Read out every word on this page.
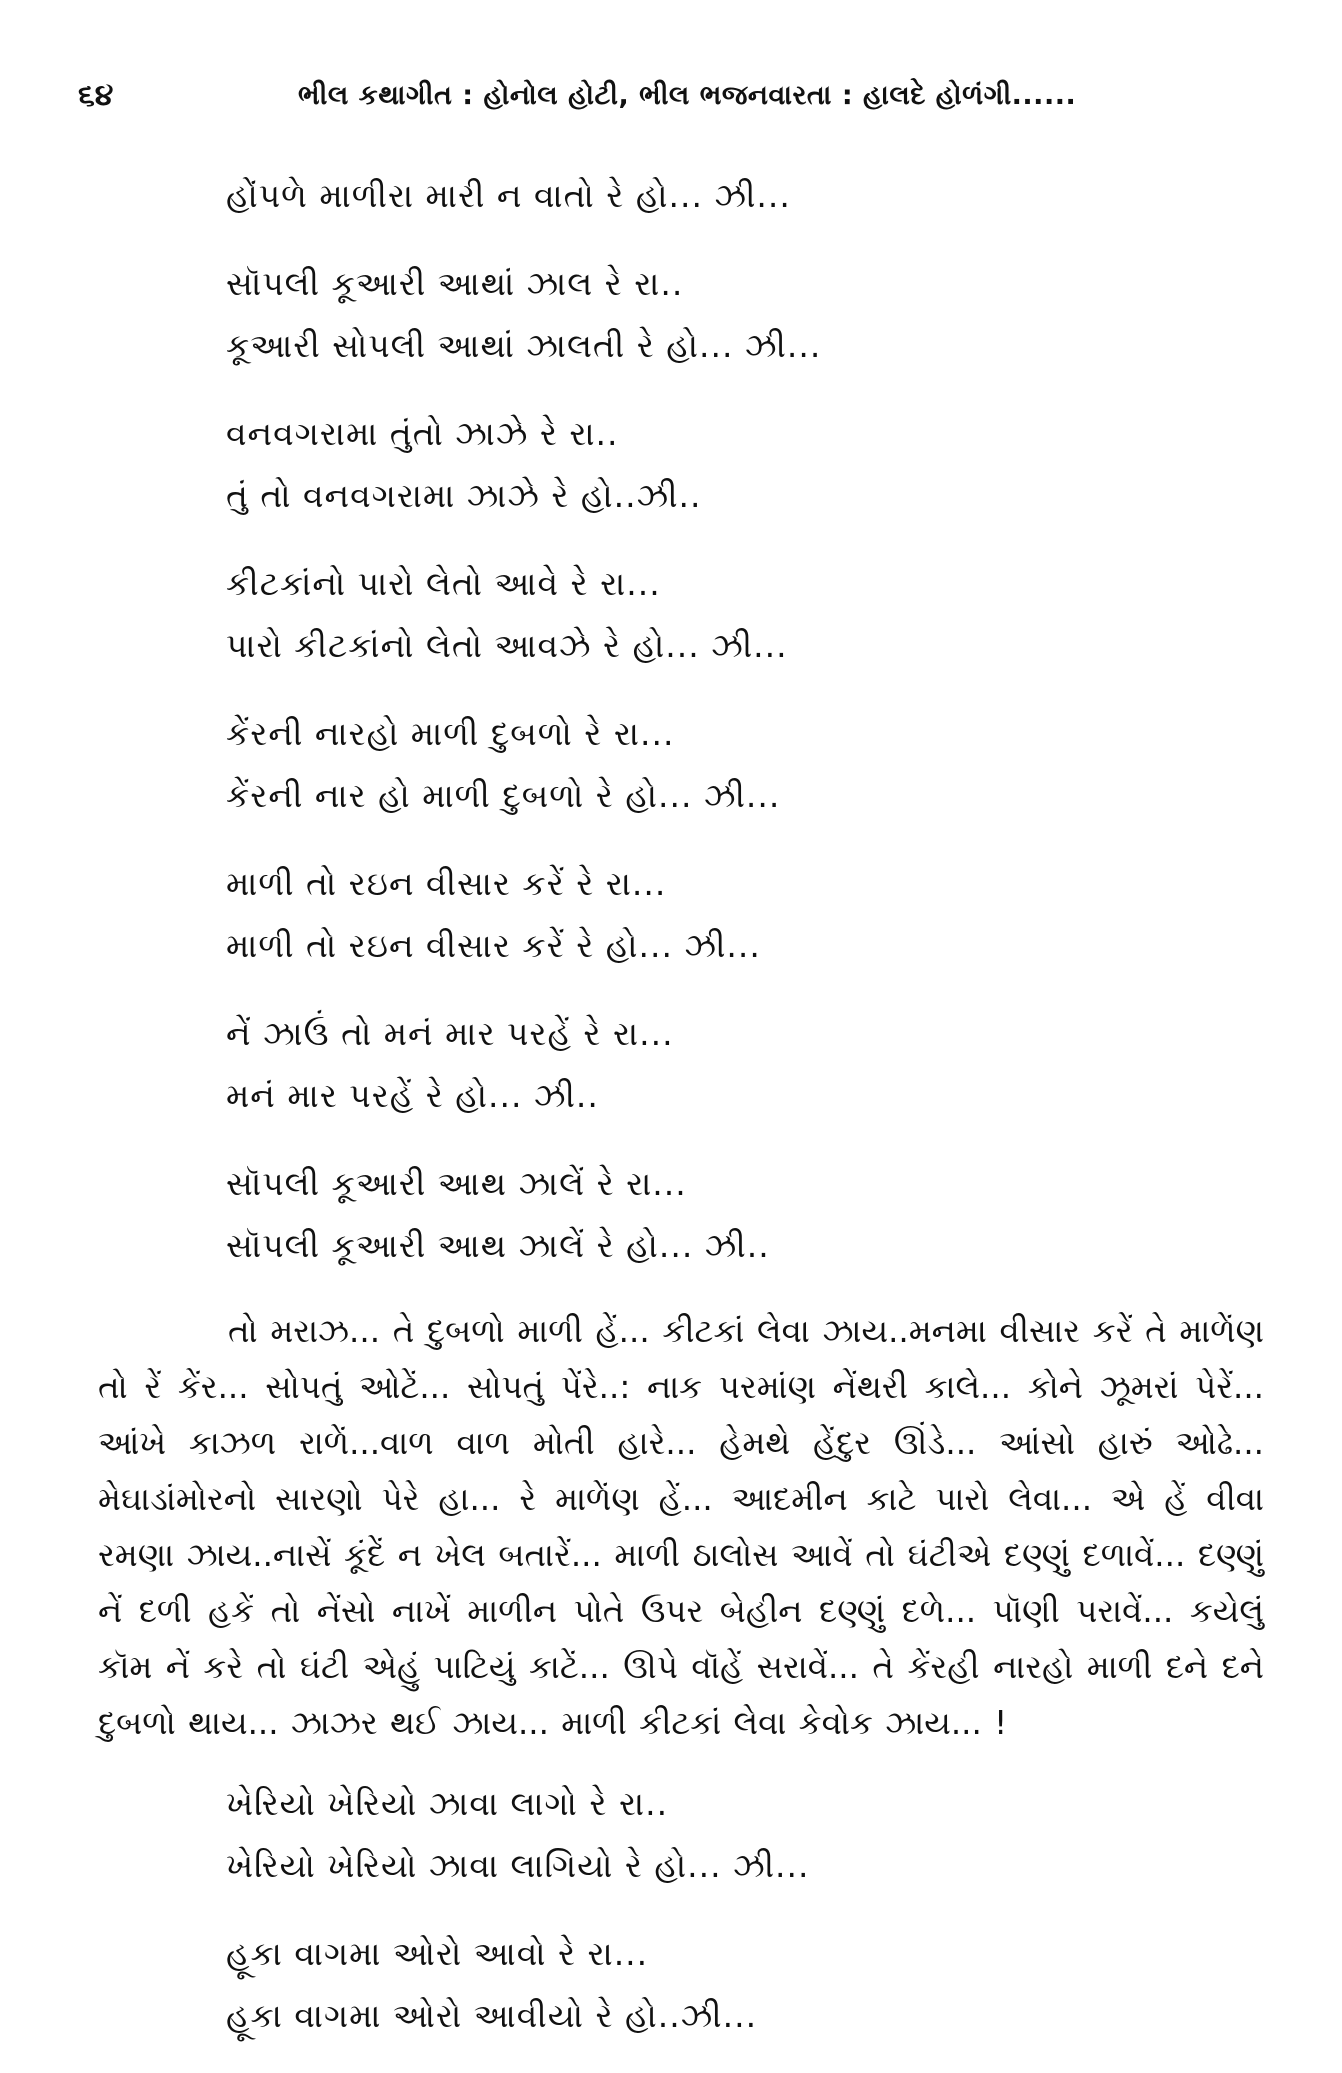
૬૪	ભીલ કથાગીત : હોનોલ હોટી, ભીલ ભજનવારતા : હાલદે હોળંગી......
હોંપળે માળીરા મારી ન વાતો રે હો... ઝી...
સૉપલી કૂઆરી આથાં ઝાલ રે રા..
કૂઆરી સોપલી આથાં ઝાલતી રે હો... ઝી...
વનવગરામા તુંતો ઝાઝે રે રા..
તું તો વનવગરામા ઝાઝે રે હો..ઝી..
કીટકાંનો પારો લેતો આવે રે રા...
પારો કીટકાંનો લેતો આવઝે રે હો... ઝી...
કેંરની નારહો માળી દુબળો રે રા...
કેંરની નાર હો માળી દુબળો રે હો... ઝી...
માળી તો રઇન વીસાર કરેં રે રા...
માળી તો રઇન વીસાર કરેં રે હો... ઝી...
નેં ઝાઉં તો મનં માર પરહેં રે રા...
મનં માર પરહેં રે હો... ઝી..
સૉપલી કૂઆરી આથ ઝાલેં રે રા...
સૉપલી કૂઆરી આથ ઝાલેં રે હો... ઝી..
તો મરાઝ... તે દુબળો માળી હેં... કીટકાં લેવા ઝાય..મનમા વીસાર કરેં તે માળેંણ તો રેં કેંર... સોપતું ઓટેં... સોપતું પેંરે..: નાક પરમાંણ નેંથરી કાલે... કોને ઝૂમરાં પેરેં... આંખે કાઝળ રાળેં...વાળ વાળ મોતી હારે... હેમથે હેંદુર ઊંડે... આંસો હારું ઓઢે... મેઘાડાંમોરનો સારણો પેરે હા... રે માળેંણ હેં... આદમીન કાટે પારો લેવા... એ હેં વીવા રમણા ઝાય..નાસેં કૂંદેં ન ખેલ બતારેં... માળી ઠાલોસ આવેં તો ઘંટીએ દણ્ણું દળાવેં... દણ્ણું નેં દળી હકેં તો નેંસો નાખેં માળીન પોતે ઉપર બેહીન દણ્ણું દળે... પૉણી પરાવેં... કયેલું કૉમ નેં કરે તો ઘંટી એહું પાટિયું કાટેં... ઊપે વૉહેં સરાવેં... તે કેંરહી નારહો માળી દને દને દુબળો થાય... ઝાઝર થઈ ઝાય... માળી કીટકાં લેવા કેવોક ઝાય... !
ખેરિયો ખેરિયો ઝાવા લાગો રે રા..
ખેરિયો ખેરિયો ઝાવા લાગિયો રે હો... ઝી...
હૂકા વાગમા ઓરો આવો રે રા...
હૂકા વાગમા ઓરો આવીયો રે હો..ઝી...
